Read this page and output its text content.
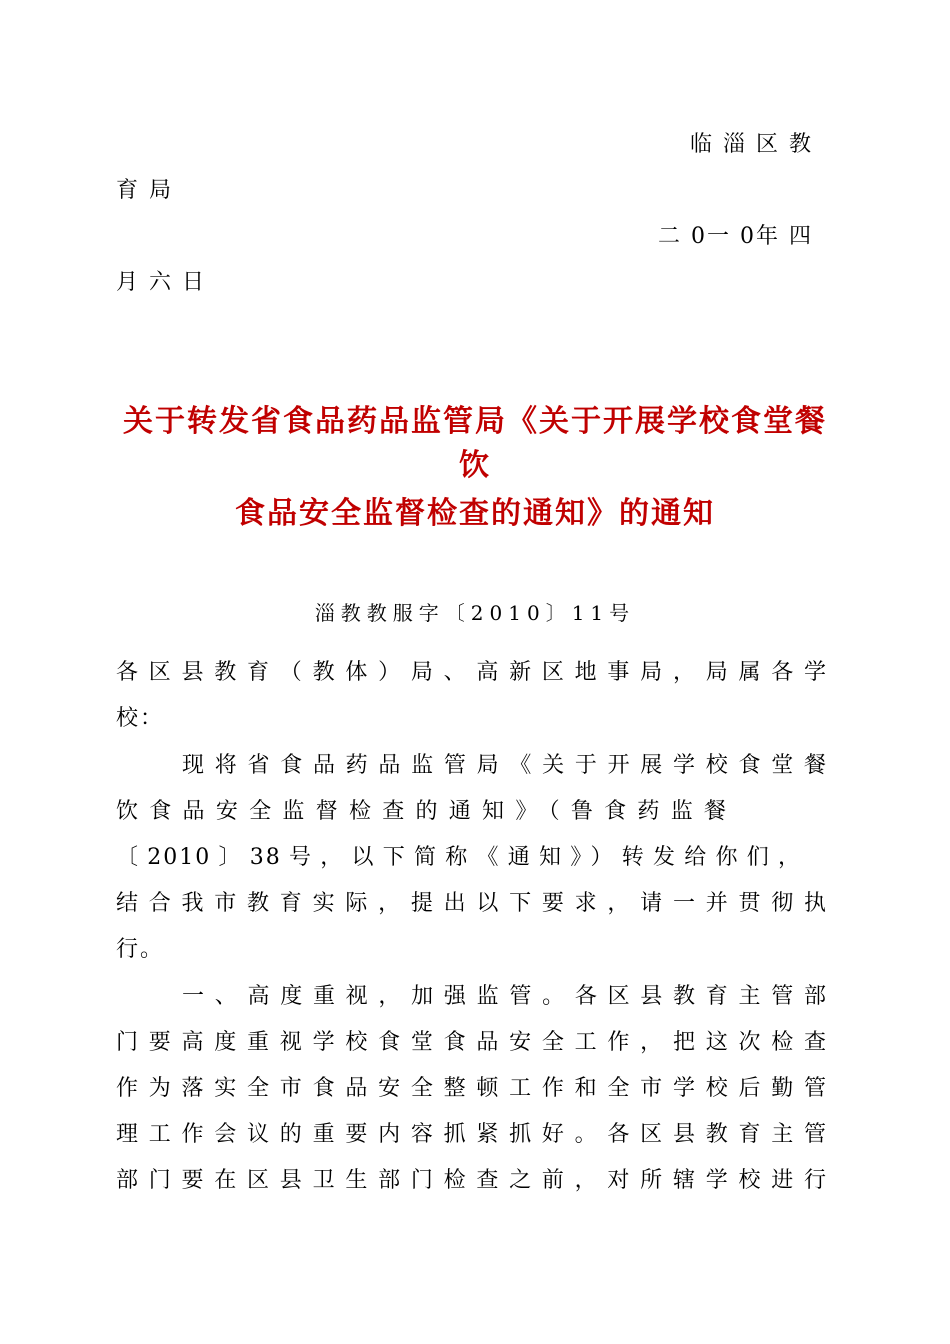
临 淄 区 教
育 局
二 0一 0年 四
月 六 日
关于转发省食品药品监管局《关于开展学校食堂餐
饮
食品安全监督检查的通知》的通知
淄教教服字〔2010〕11号
各区县教育（教体）局、高新区地事局，局属各学
校：
现将省食品药品监管局《关于开展学校食堂餐
饮食品安全监督检查的通知》（鲁食药监餐
〔2010〕38号，以下简称《通知》）转发给你们，
结合我市教育实际，提出以下要求，请一并贯彻执
行。
一、高度重视，加强监管。各区县教育主管部
门要高度重视学校食堂食品安全工作，把这次检查
作为落实全市食品安全整顿工作和全市学校后勤管
理工作会议的重要内容抓紧抓好。各区县教育主管
部门要在区县卫生部门检查之前，对所辖学校进行
